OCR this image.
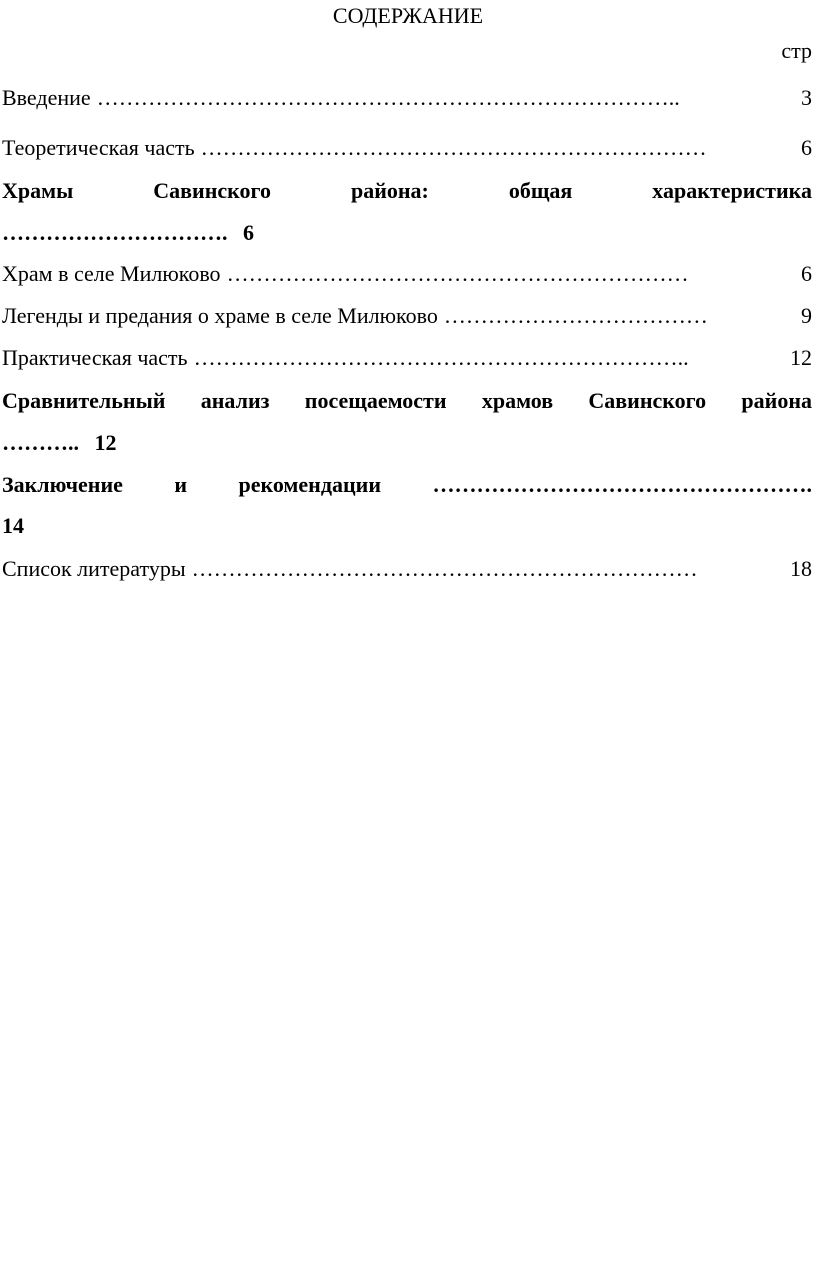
СОДЕРЖАНИЕ
стр
Введение ……………………………………………………………………..	3
Теоретическая часть ……………………………………………………………	6
Храмы	Савинского	района:	общая	характеристика
…………………………. 6
Храм в селе Милюково ………………………………………………………	6
Легенды и предания о храме в селе Милюково ………………………………	9
Практическая часть …………………………………………………………..	12
Сравнительный анализ посещаемости храмов Савинского района
……….. 12
Заключение и рекомендации …………………………………………….
14
Список литературы ……………………………………………………………	18
